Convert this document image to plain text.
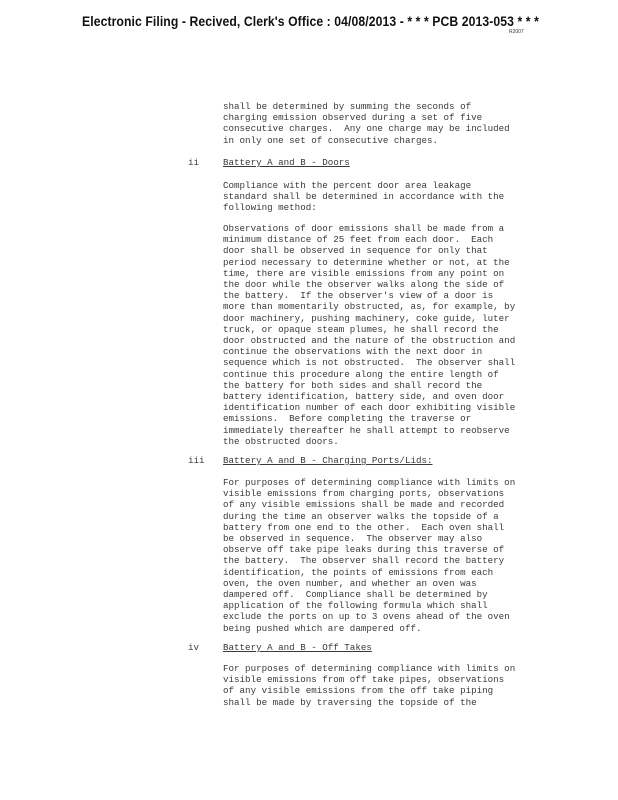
Electronic Filing - Recived, Clerk's Office : 04/08/2013 - * * * PCB 2013-053 * * *
R2007
shall be determined by summing the seconds of
charging emission observed during a set of five
consecutive charges.  Any one charge may be included
in only one set of consecutive charges.
ii	Battery A and B - Doors
Compliance with the percent door area leakage
standard shall be determined in accordance with the
following method:
Observations of door emissions shall be made from a
minimum distance of 25 feet from each door.  Each
door shall be observed in sequence for only that
period necessary to determine whether or not, at the
time, there are visible emissions from any point on
the door while the observer walks along the side of
the battery.  If the observer's view of a door is
more than momentarily obstructed, as, for example, by
door machinery, pushing machinery, coke guide, luter
truck, or opaque steam plumes, he shall record the
door obstructed and the nature of the obstruction and
continue the observations with the next door in
sequence which is not obstructed.  The observer shall
continue this procedure along the entire length of
the battery for both sides and shall record the
battery identification, battery side, and oven door
identification number of each door exhibiting visible
emissions.  Before completing the traverse or
immediately thereafter he shall attempt to reobserve
the obstructed doors.
iii Battery A and B - Charging Ports/Lids:
For purposes of determining compliance with limits on
visible emissions from charging ports, observations
of any visible emissions shall be made and recorded
during the time an observer walks the topside of a
battery from one end to the other.  Each oven shall
be observed in sequence.  The observer may also
observe off take pipe leaks during this traverse of
the battery.  The observer shall record the battery
identification, the points of emissions from each
oven, the oven number, and whether an oven was
dampered off.  Compliance shall be determined by
application of the following formula which shall
exclude the ports on up to 3 ovens ahead of the oven
being pushed which are dampered off.
iv	Battery A and B - Off Takes
For purposes of determining compliance with limits on
visible emissions from off take pipes, observations
of any visible emissions from the off take piping
shall be made by traversing the topside of the
